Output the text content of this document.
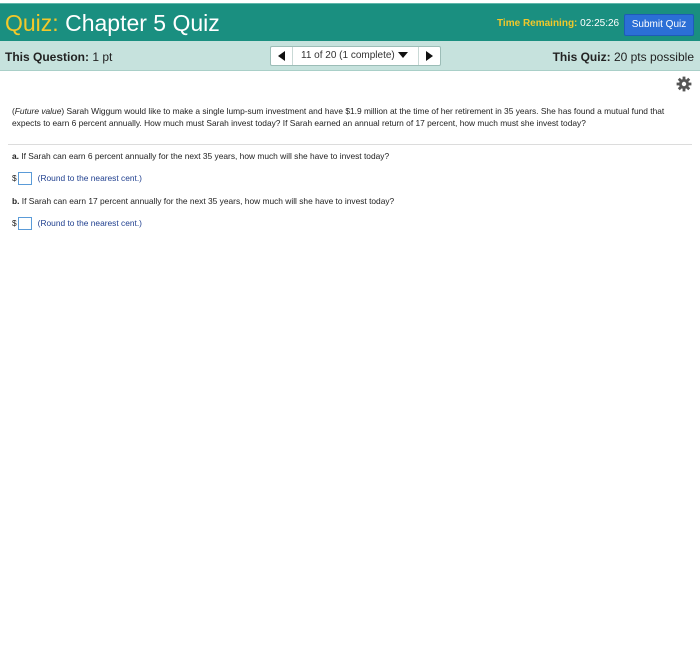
Quiz: Chapter 5 Quiz	Time Remaining: 02:25:26	Submit Quiz
This Question: 1 pt	11 of 20 (1 complete)	This Quiz: 20 pts possible
(Future value) Sarah Wiggum would like to make a single lump-sum investment and have $1.9 million at the time of her retirement in 35 years. She has found a mutual fund that expects to earn 6 percent annually. How much must Sarah invest today? If Sarah earned an annual return of 17 percent, how much must she invest today?
a. If Sarah can earn 6 percent annually for the next 35 years, how much will she have to invest today?
$	(Round to the nearest cent.)
b. If Sarah can earn 17 percent annually for the next 35 years, how much will she have to invest today?
$	(Round to the nearest cent.)
